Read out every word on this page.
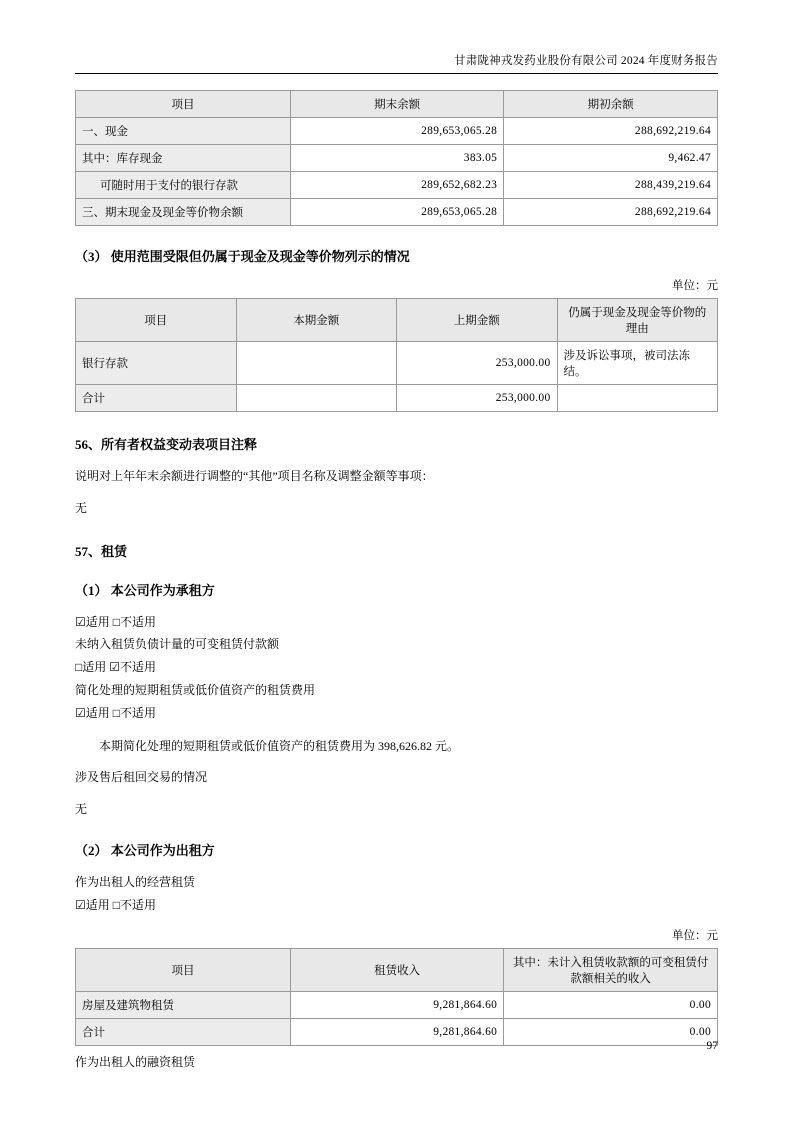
甘肃陇神戎发药业股份有限公司 2024 年度财务报告
项目	期末余额	期初余额
一、现金	289,653,065.28	288,692,219.64
其中：库存现金	383.05	9,462.47
可随时用于支付的银行存款	289,652,682.23	288,439,219.64
三、期末现金及现金等价物余额	289,653,065.28	288,692,219.64
（3） 使用范围受限但仍属于现金及现金等价物列示的情况
单位：元
项目	本期金额	上期金额	仍属于现金及现金等价物的理由
银行存款		253,000.00	涉及诉讼事项，被司法冻结。
合计		253,000.00	
56、所有者权益变动表项目注释
说明对上年年末余额进行调整的“其他”项目名称及调整金额等事项：
无
57、租赁
（1） 本公司作为承租方
☑适用 □不适用
未纳入租赁负债计量的可变租赁付款额
□适用 ☑不适用
简化处理的短期租赁或低价值资产的租赁费用
☑适用 □不适用
本期简化处理的短期租赁或低价值资产的租赁费用为 398,626.82 元。
涉及售后租回交易的情况
无
（2） 本公司作为出租方
作为出租人的经营租赁
☑适用 □不适用
单位：元
项目	租赁收入	其中：未计入租赁收款额的可变租赁付款额相关的收入
房屋及建筑物租赁	9,281,864.60	0.00
合计	9,281,864.60	0.00
作为出租人的融资租赁
97
